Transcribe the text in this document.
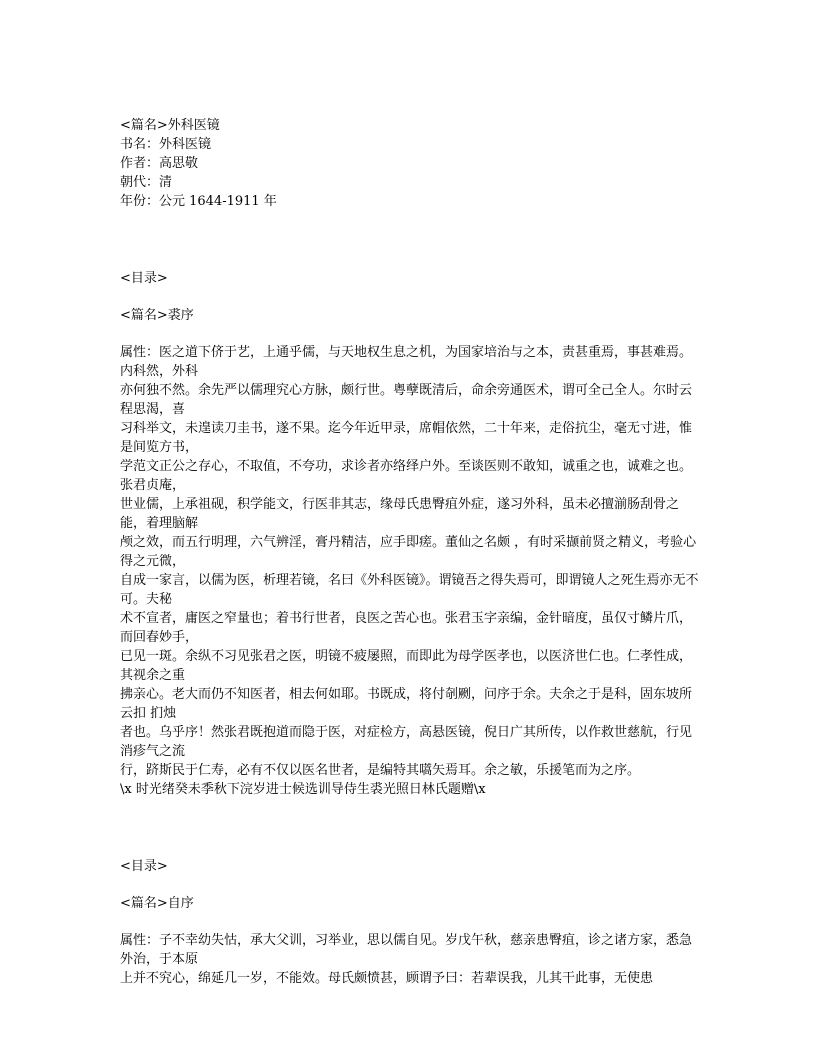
<篇名>外科医镜
书名：外科医镜
作者：高思敬
朝代：清
年份：公元 1644-1911 年
<目录>
<篇名>裘序
属性：医之道下侪于艺，上通乎儒，与天地权生息之机，为国家培治与之本，责甚重焉，事甚难焉。内科然，外科
亦何独不然。余先严以儒理究心方脉，颇行世。粤孽既清后，命余旁通医术，谓可全己全人。尔时云程思渴，喜
习科举文，未遑读刀圭书，遂不果。迄今年近甲录，席帽依然，二十年来，走俗抗尘，毫无寸进，惟是间览方书，
学范文正公之存心，不取值，不夸功，求诊者亦络绎户外。至谈医则不敢知，诚重之也，诚难之也。张君贞庵，
世业儒，上承祖砚，积学能文，行医非其志，缘母氏患臀疽外症，遂习外科，虽未必擅湔肠刮骨之能，着理脑解
颅之效，而五行明理，六气辨淫，膏丹精洁，应手即瘥。董仙之名颇 ，有时采撷前贤之精义，考验心得之元微，
自成一家言，以儒为医，析理若镜，名曰《外科医镜》。谓镜吾之得失焉可，即谓镜人之死生焉亦无不可。夫秘
术不宣者，庸医之窄量也；着书行世者，良医之苦心也。张君玉字亲编，金针暗度，虽仅寸鳞片爪，而回春妙手，
已见一斑。余纵不习见张君之医，明镜不疲屡照，而即此为母学医孝也，以医济世仁也。仁孝性成，其视余之重
拂亲心。老大而仍不知医者，相去何如耶。书既成，将付剞劂，问序于余。夫余之于是科，固东坡所云扣 扪烛
者也。乌乎序！然张君既抱道而隐于医，对症检方，高悬医镜，倪日广其所传，以作救世慈航，行见消疹气之流
行，跻斯民于仁寿，必有不仅以医名世者，是编特其嚆矢焉耳。余之敏，乐援笔而为之序。
\x 时光绪癸未季秋下浣岁进士候选训导侍生裘光照日林氏题赠\x
<目录>
<篇名>自序
属性：子不幸幼失怙，承大父训，习举业，思以儒自见。岁戊午秋，慈亲患臀疽，诊之诸方家，悉急外治，于本原
上并不究心，绵延几一岁，不能效。母氏颇愤甚，顾谓予曰：若辈误我，儿其干此事，无使患
